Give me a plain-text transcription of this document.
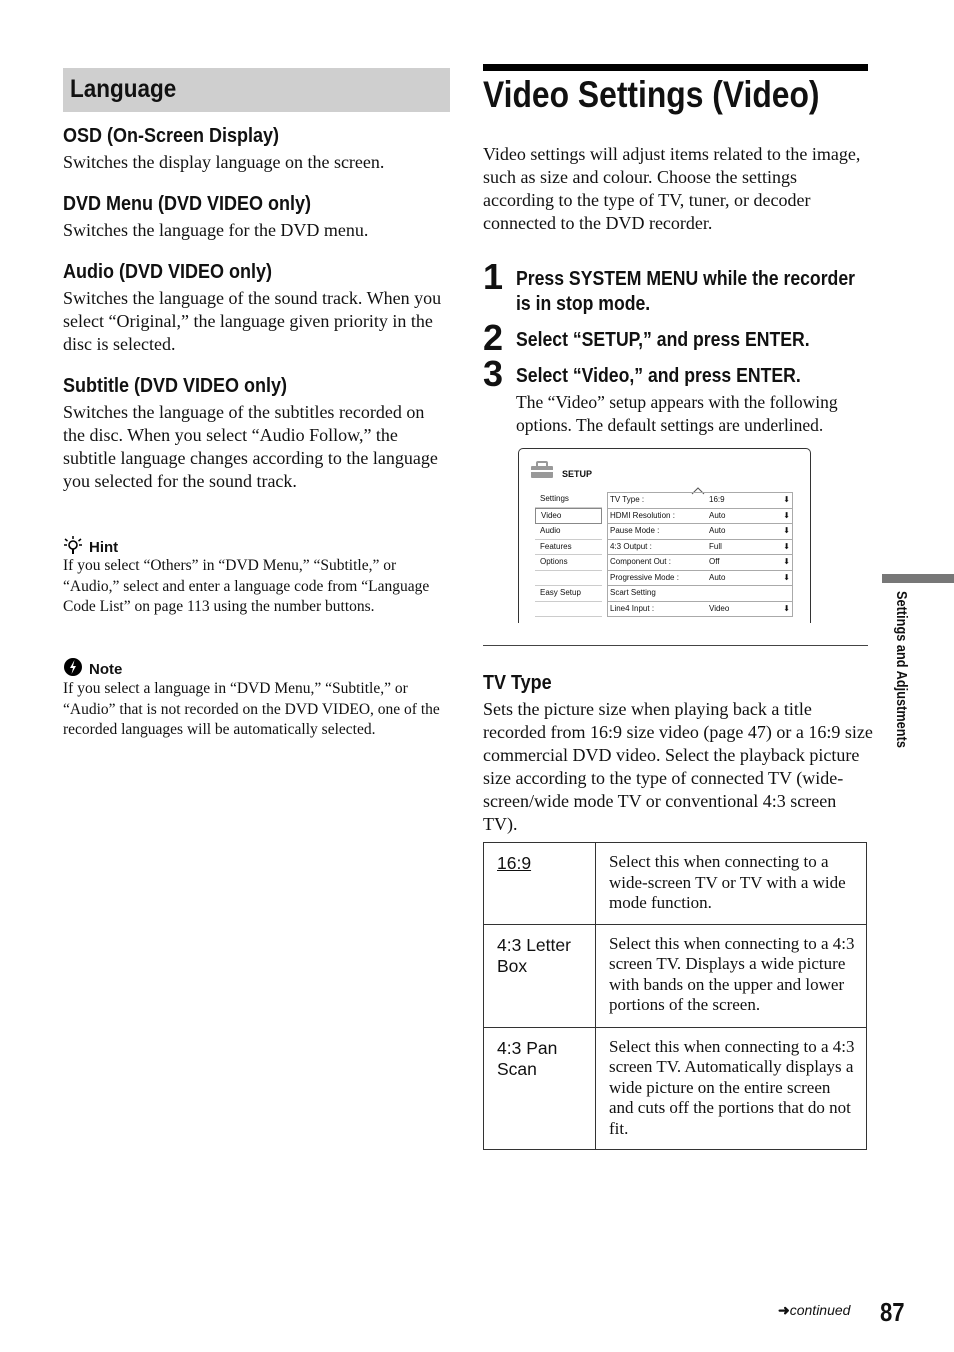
Language
OSD (On-Screen Display)
Switches the display language on the screen.
DVD Menu (DVD VIDEO only)
Switches the language for the DVD menu.
Audio (DVD VIDEO only)
Switches the language of the sound track. When you select “Original,” the language given priority in the disc is selected.
Subtitle (DVD VIDEO only)
Switches the language of the subtitles recorded on the disc. When you select “Audio Follow,” the subtitle language changes according to the language you selected for the sound track.
Hint
If you select “Others” in “DVD Menu,” “Subtitle,” or “Audio,” select and enter a language code from “Language Code List” on page 113 using the number buttons.
Note
If you select a language in “DVD Menu,” “Subtitle,” or “Audio” that is not recorded on the DVD VIDEO, one of the recorded languages will be automatically selected.
Video Settings (Video)
Video settings will adjust items related to the image, such as size and colour. Choose the settings according to the type of TV, tuner, or decoder connected to the DVD recorder.
1 Press SYSTEM MENU while the recorder is in stop mode.
2 Select “SETUP,” and press ENTER.
3 Select “Video,” and press ENTER.
The “Video” setup appears with the following options. The default settings are underlined.
SETUP
Settings
Video
Audio
Features
Options
Easy Setup
TV Type :	16:9	⬇
HDMI Resolution :	Auto	⬇
Pause Mode :	Auto	⬇
4:3 Output :	Full	⬇
Component Out :	Off	⬇
Progressive Mode :	Auto	⬇
Scart Setting
Line4 Input :	Video	⬇
TV Type
Sets the picture size when playing back a title recorded from 16:9 size video (page 47) or a 16:9 size commercial DVD video. Select the playback picture size according to the type of connected TV (wide-screen/wide mode TV or conventional 4:3 screen TV).
16:9	Select this when connecting to a wide-screen TV or TV with a wide mode function.
4:3 Letter Box	Select this when connecting to a 4:3 screen TV. Displays a wide picture with bands on the upper and lower portions of the screen.
4:3 Pan Scan	Select this when connecting to a 4:3 screen TV. Automatically displays a wide picture on the entire screen and cuts off the portions that do not fit.
Settings and Adjustments
➜continued 87
